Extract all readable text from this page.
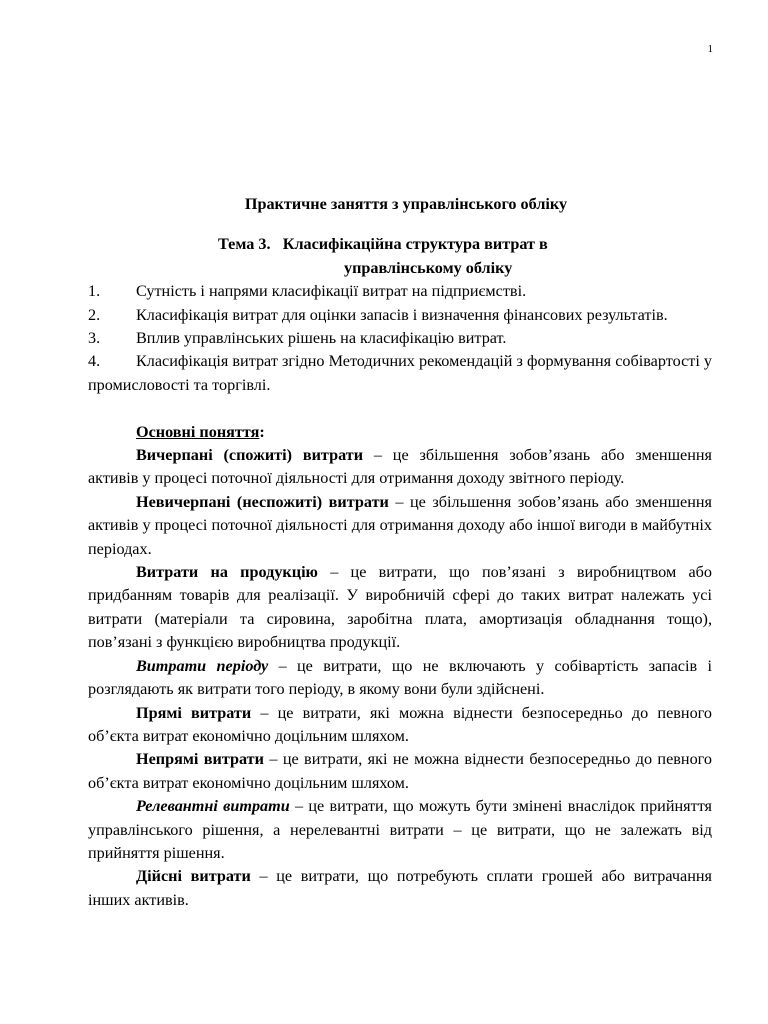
1

Практичне заняття з управлінського обліку

Тема 3.   Класифікаційна структура витрат в

управлінському обліку

1. Сутність і напрями класифікації витрат на підприємстві.
2. Класифікація витрат для оцінки запасів і визначення фінансових результатів.
3. Вплив управлінських рішень на класифікацію витрат.
4. Класифікація витрат згідно Методичних рекомендацій з формування собівартості у промисловості та торгівлі.

Основні поняття:

Вичерпані (спожиті) витрати – це збільшення зобов’язань або зменшення активів у процесі поточної діяльності для отримання доходу звітного періоду.

Невичерпані (неспожиті) витрати – це збільшення зобов’язань або зменшення активів у процесі поточної діяльності для отримання доходу або іншої вигоди в майбутніх періодах.

Витрати на продукцію – це витрати, що пов’язані з виробництвом або придбанням товарів для реалізації. У виробничій сфері до таких витрат належать усі витрати (матеріали та сировина, заробітна плата, амортизація обладнання тощо), пов’язані з функцією виробництва продукції.

Витрати періоду – це витрати, що не включають у собівартість запасів і розглядають як витрати того періоду, в якому вони були здійснені.

Прямі витрати – це витрати, які можна віднести безпосередньо до певного об’єкта витрат економічно доцільним шляхом.

Непрямі витрати – це витрати, які не можна віднести безпосередньо до певного об’єкта витрат економічно доцільним шляхом.

Релевантні витрати – це витрати, що можуть бути змінені внаслідок прийняття управлінського рішення, а нерелевантні витрати – це витрати, що не залежать від прийняття рішення.

Дійсні витрати – це витрати, що потребують сплати грошей або витрачання інших активів.
